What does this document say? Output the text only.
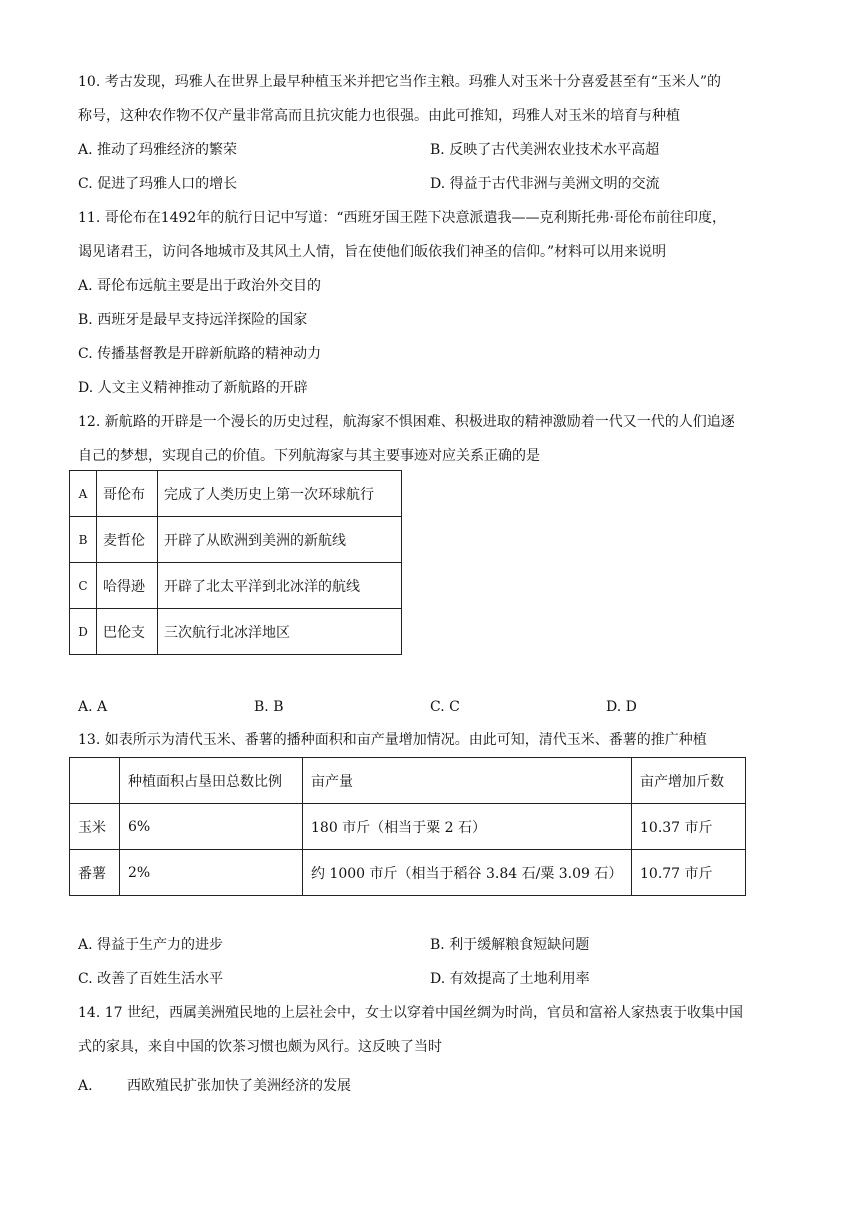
10. 考古发现，玛雅人在世界上最早种植玉米并把它当作主粮。玛雅人对玉米十分喜爱甚至有“玉米人”的
称号，这种农作物不仅产量非常高而且抗灾能力也很强。由此可推知，玛雅人对玉米的培育与种植
A. 推动了玛雅经济的繁荣	B. 反映了古代美洲农业技术水平高超
C. 促进了玛雅人口的增长	D. 得益于古代非洲与美洲文明的交流
11. 哥伦布在1492年的航行日记中写道：“西班牙国王陛下决意派遣我——克利斯托弗·哥伦布前往印度，
谒见诸君王，访问各地城市及其风土人情，旨在使他们皈依我们神圣的信仰。”材料可以用来说明
A. 哥伦布远航主要是出于政治外交目的
B. 西班牙是最早支持远洋探险的国家
C. 传播基督教是开辟新航路的精神动力
D. 人文主义精神推动了新航路的开辟
12. 新航路的开辟是一个漫长的历史过程，航海家不惧困难、积极进取的精神激励着一代又一代的人们追逐
自己的梦想，实现自己的价值。下列航海家与其主要事迹对应关系正确的是
A	哥伦布	完成了人类历史上第一次环球航行
B	麦哲伦	开辟了从欧洲到美洲的新航线
C	哈得逊	开辟了北太平洋到北冰洋的航线
D	巴伦支	三次航行北冰洋地区
A. A	B. B	C. C	D. D
13. 如表所示为清代玉米、番薯的播种面积和亩产量增加情况。由此可知，清代玉米、番薯的推广种植
	种植面积占垦田总数比例	亩产量	亩产增加斤数
玉米	6%	180 市斤（相当于粟 2 石）	10.37 市斤
番薯	2%	约 1000 市斤（相当于稻谷 3.84 石/粟 3.09 石）	10.77 市斤
A. 得益于生产力的进步	B. 利于缓解粮食短缺问题
C. 改善了百姓生活水平	D. 有效提高了土地利用率
14. 17 世纪，西属美洲殖民地的上层社会中，女士以穿着中国丝绸为时尚，官员和富裕人家热衷于收集中国
式的家具，来自中国的饮茶习惯也颇为风行。这反映了当时
A. 西欧殖民扩张加快了美洲经济的发展
